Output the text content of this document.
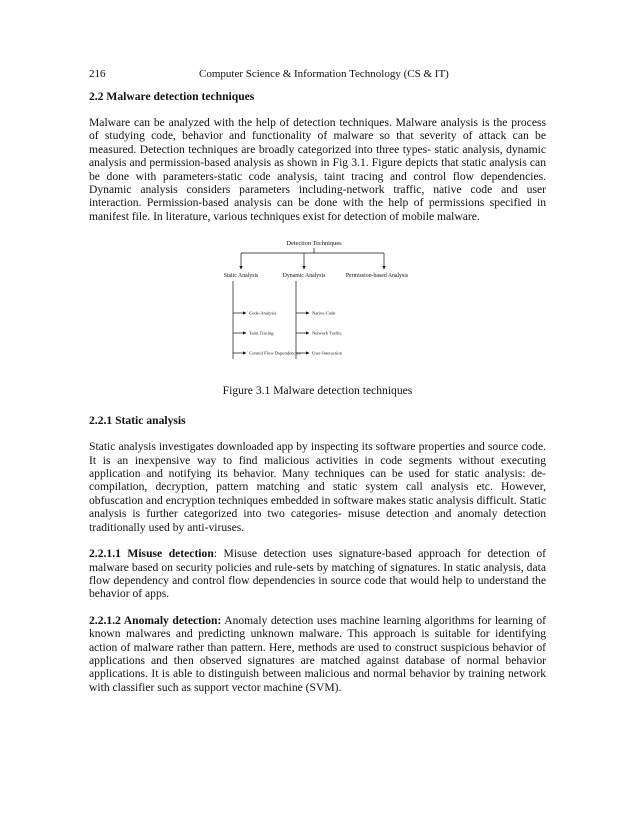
216	Computer Science & Information Technology (CS & IT)
2.2 Malware detection techniques

Malware can be analyzed with the help of detection techniques. Malware analysis is the process of studying code, behavior and functionality of malware so that severity of attack can be measured. Detection techniques are broadly categorized into three types- static analysis, dynamic analysis and permission-based analysis as shown in Fig 3.1. Figure depicts that static analysis can be done with parameters-static code analysis, taint tracing and control flow dependencies. Dynamic analysis considers parameters including-network traffic, native code and user interaction. Permission-based analysis can be done with the help of permissions specified in manifest file. In literature, various techniques exist for detection of mobile malware.

Detection Techniques
Static Analysis	Dynamic Analysis	Permission-based Analysis
Code-Analysis
Taint Tracing
Control Flow Dependencies
Native-Code
Network Traffic
User-Interaction
Figure 3.1 Malware detection techniques
2.2.1 Static analysis

Static analysis investigates downloaded app by inspecting its software properties and source code. It is an inexpensive way to find malicious activities in code segments without executing application and notifying its behavior. Many techniques can be used for static analysis: de-compilation, decryption, pattern matching and static system call analysis etc. However, obfuscation and encryption techniques embedded in software makes static analysis difficult. Static analysis is further categorized into two categories- misuse detection and anomaly detection traditionally used by anti-viruses.

2.2.1.1 Misuse detection: Misuse detection uses signature-based approach for detection of malware based on security policies and rule-sets by matching of signatures. In static analysis, data flow dependency and control flow dependencies in source code that would help to understand the behavior of apps.

2.2.1.2 Anomaly detection: Anomaly detection uses machine learning algorithms for learning of known malwares and predicting unknown malware. This approach is suitable for identifying action of malware rather than pattern. Here, methods are used to construct suspicious behavior of applications and then observed signatures are matched against database of normal behavior applications. It is able to distinguish between malicious and normal behavior by training network with classifier such as support vector machine (SVM).
